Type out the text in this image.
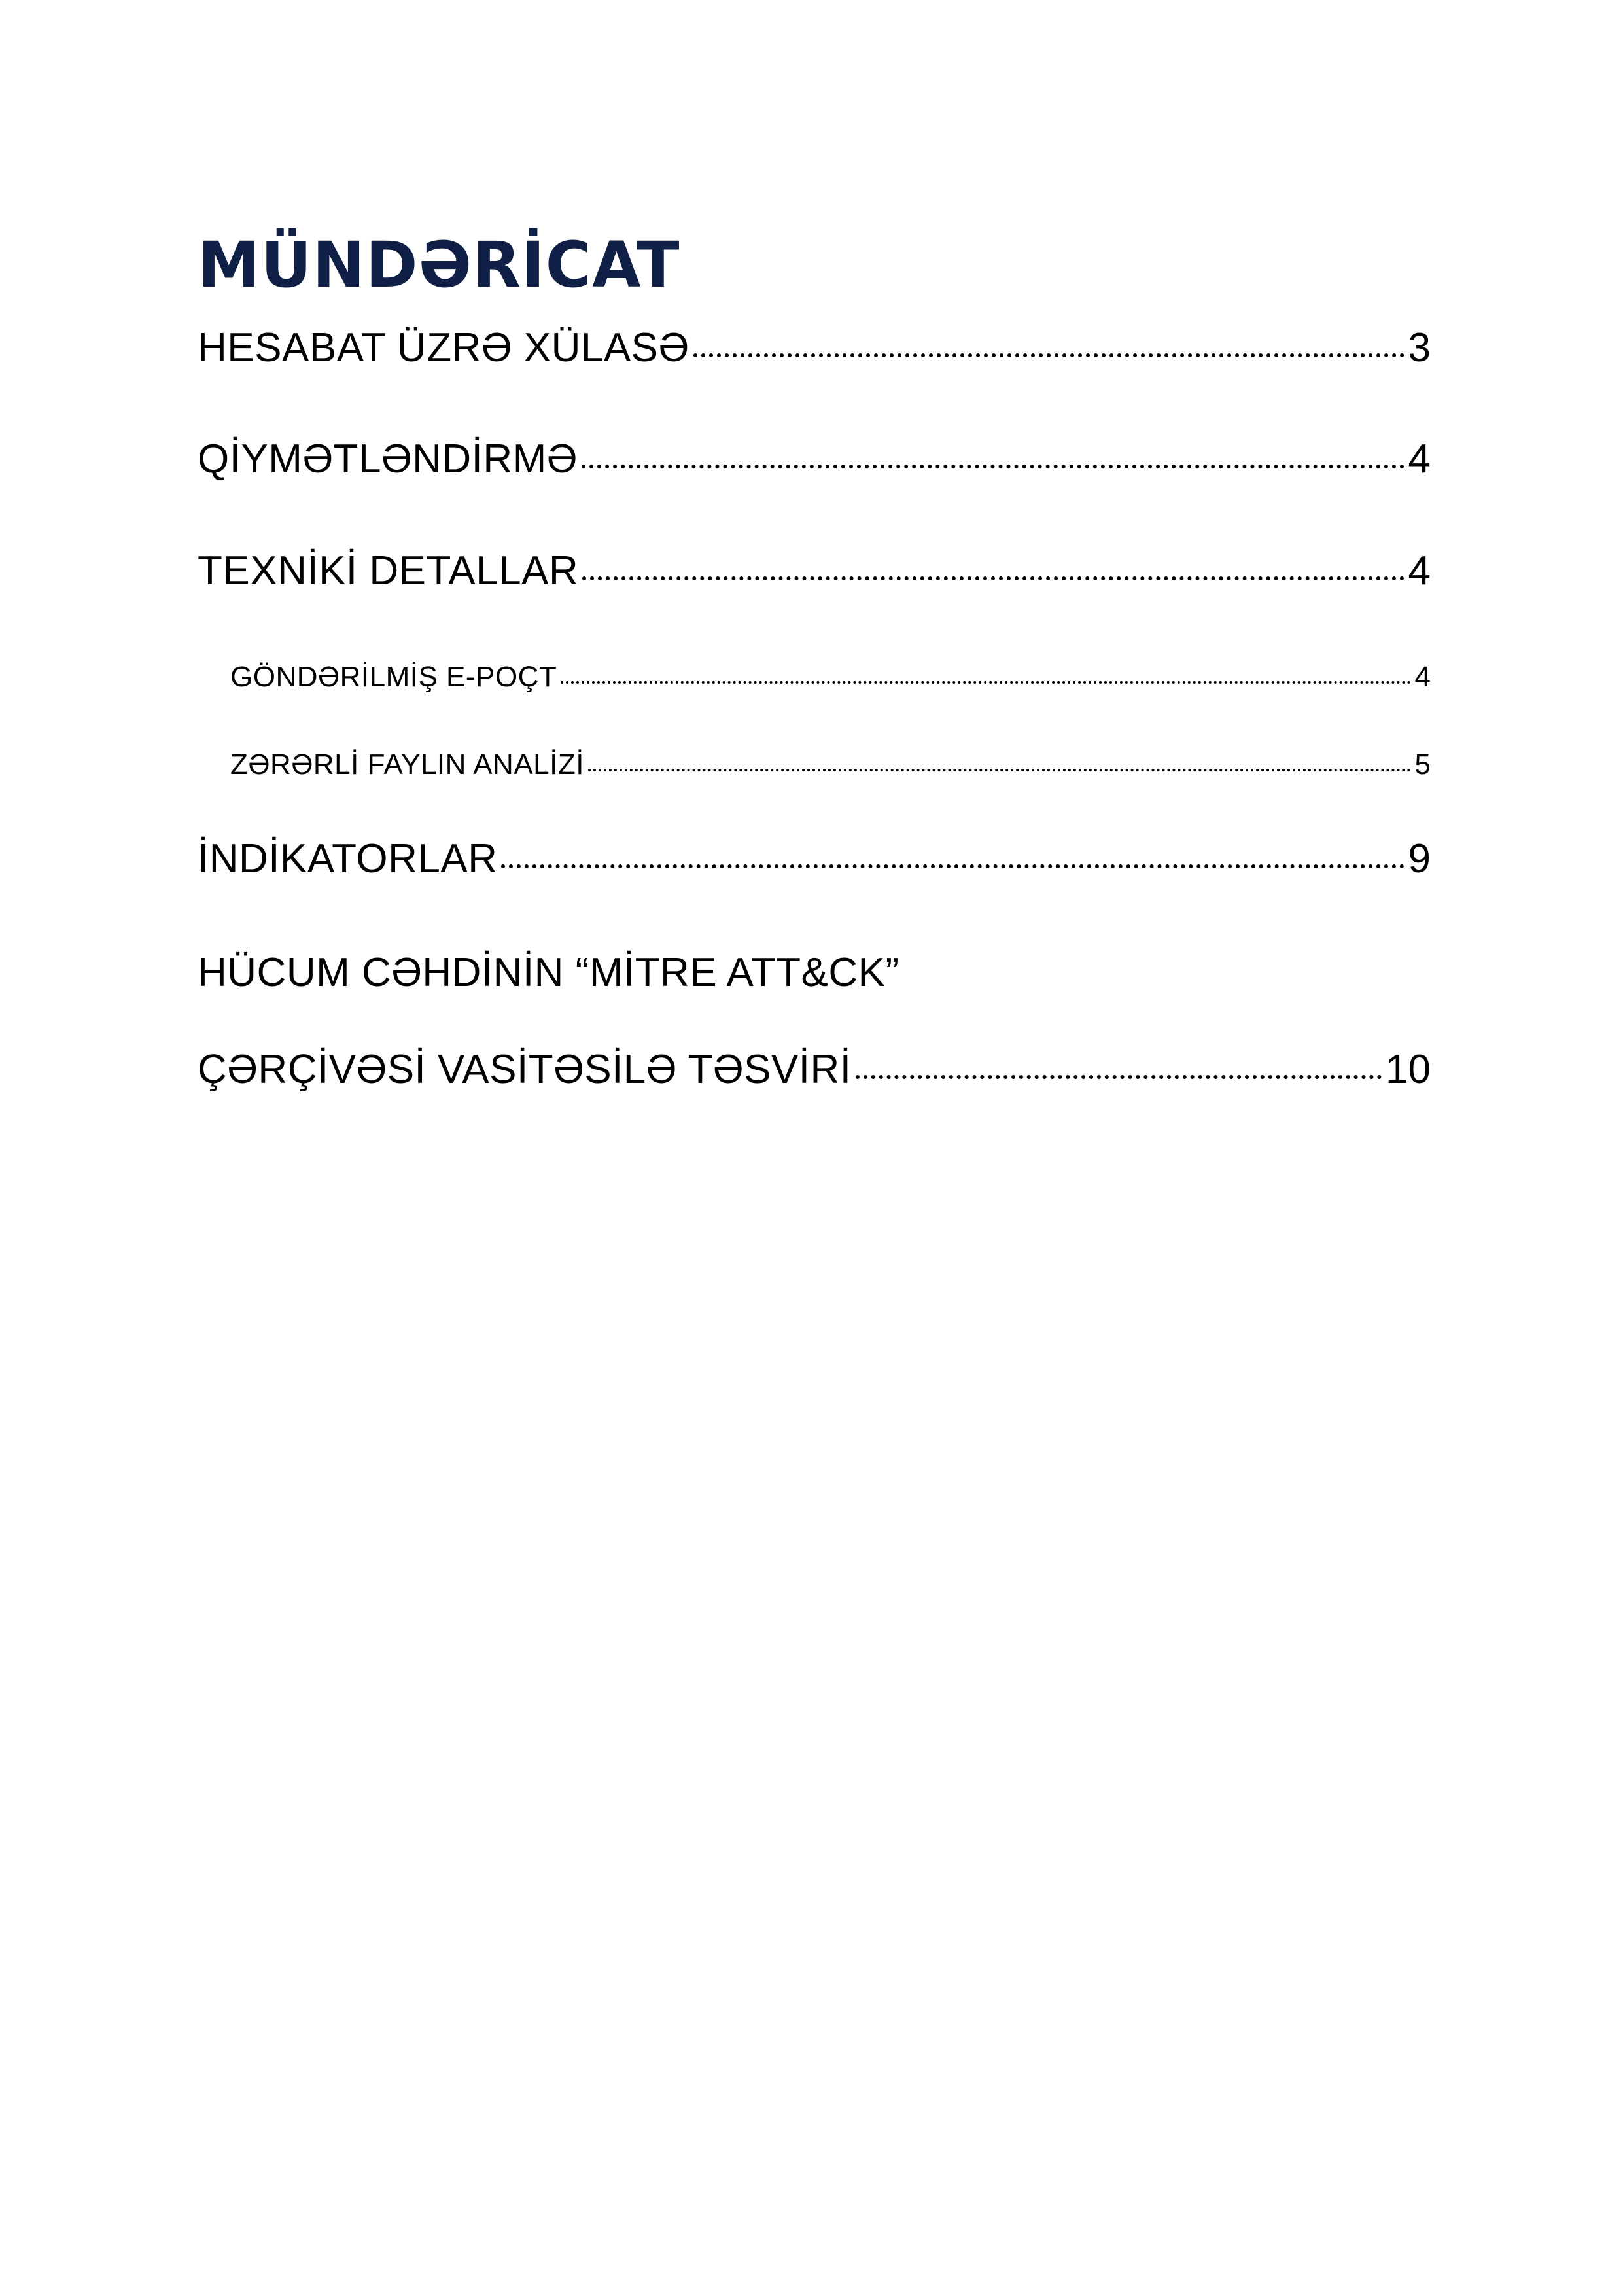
MÜNDƏRİCAT
HESABAT ÜZRƏ XÜLASƏ	3
QİYMƏTLƏNDİRMƏ	4
TEXNİKİ DETALLAR	4
GÖNDƏRİLMİŞ E-POÇT	4
ZƏRƏRLİ FAYLIN ANALİZİ	5
İNDİKATORLAR	9
HÜCUM CƏHDİNİN “MİTRE ATT&CK”
ÇƏRÇİVƏSİ VASİTƏSİLƏ TƏSVİRİ	10
